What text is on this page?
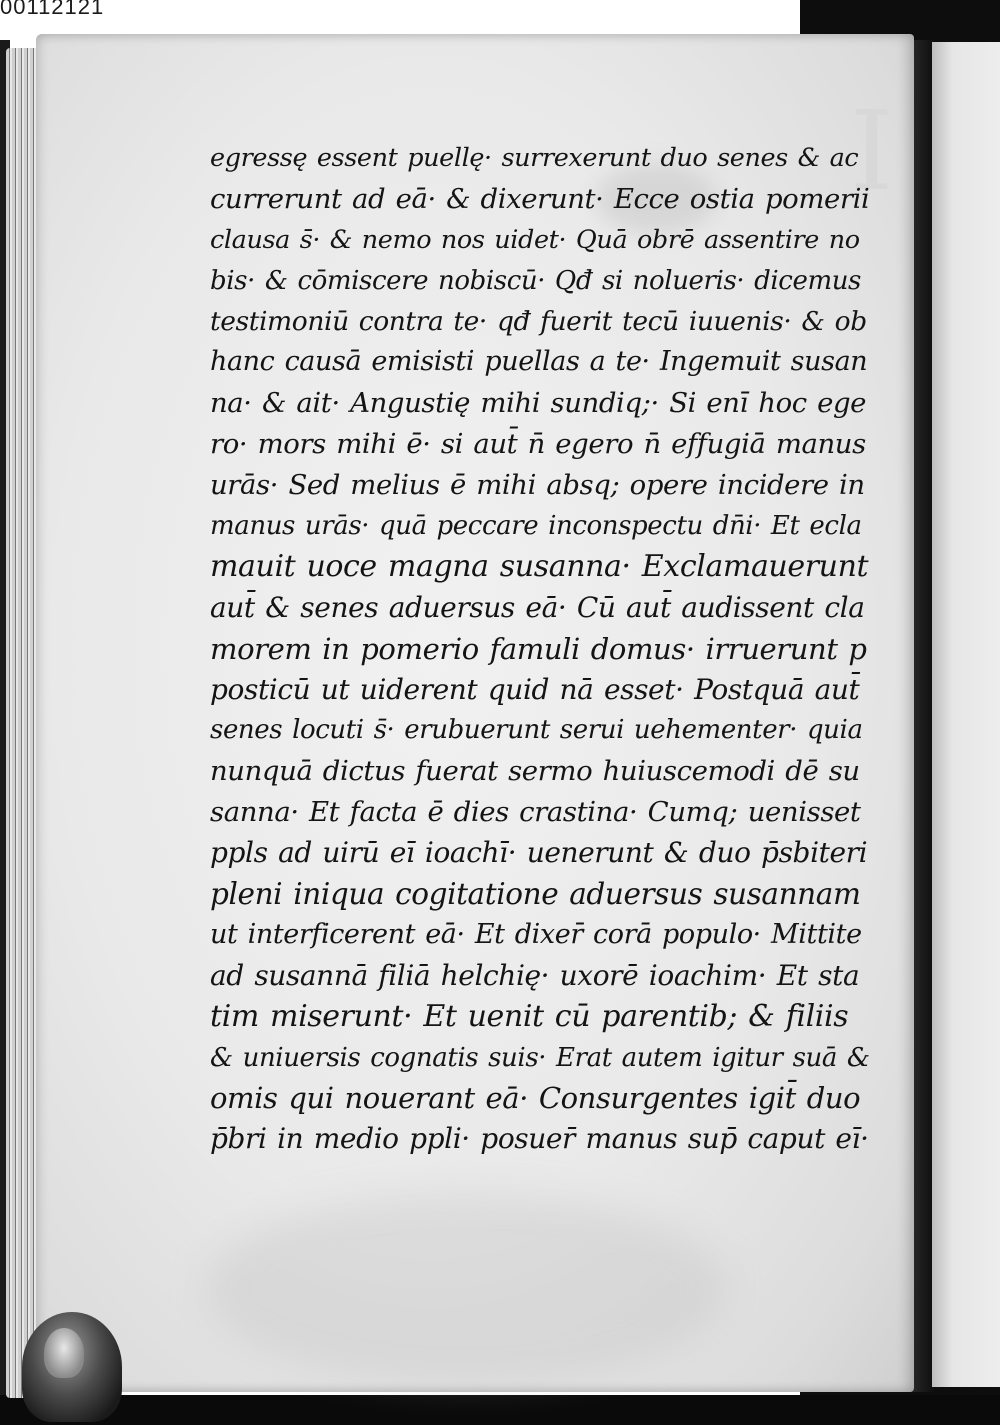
00112121
I
egressę essent puellę· surrexerunt duo senes & ac
currerunt ad eā· & dixerunt· Ecce ostia pomerii
clausa s̄· & nemo nos uidet· Quā obrē assentire no
bis· & cōmiscere nobiscū· Qđ si nolueris· dicemus
testimoniū contra te· qđ fuerit tecū iuuenis· & ob
hanc causā emisisti puellas a te· Ingemuit susan
na· & ait· Angustię mihi sundiq;· Si enī hoc ege
ro· mors mihi ē· si aut̄ n̄ egero n̄ effugiā manus
urās· Sed melius ē mihi absq; opere incidere in
manus urās· quā peccare inconspectu dn̄i· Et ecla
mauit uoce magna susanna· Exclamauerunt
aut̄ & senes aduersus eā· Cū aut̄ audissent cla
morem in pomerio famuli domus· irruerunt p
posticū ut uiderent quid nā esset· Postquā aut̄
senes locuti s̄· erubuerunt serui uehementer· quia
nunquā dictus fuerat sermo huiuscemodi dē su
sanna· Et facta ē dies crastina· Cumq; uenisset
ppls ad uirū eī ioachī· uenerunt & duo p̄sbiteri
pleni iniqua cogitatione aduersus susannam
ut interficerent eā· Et dixer̄ corā populo· Mittite
ad susannā filiā helchię· uxorē ioachim· Et sta
tim miserunt· Et uenit cū parentib; & filiis
& uniuersis cognatis suis· Erat autem igitur suā &
omis qui nouerant eā· Consurgentes igit̄ duo
p̄bri in medio ppli· posuer̄ manus sup̄ caput eī·
